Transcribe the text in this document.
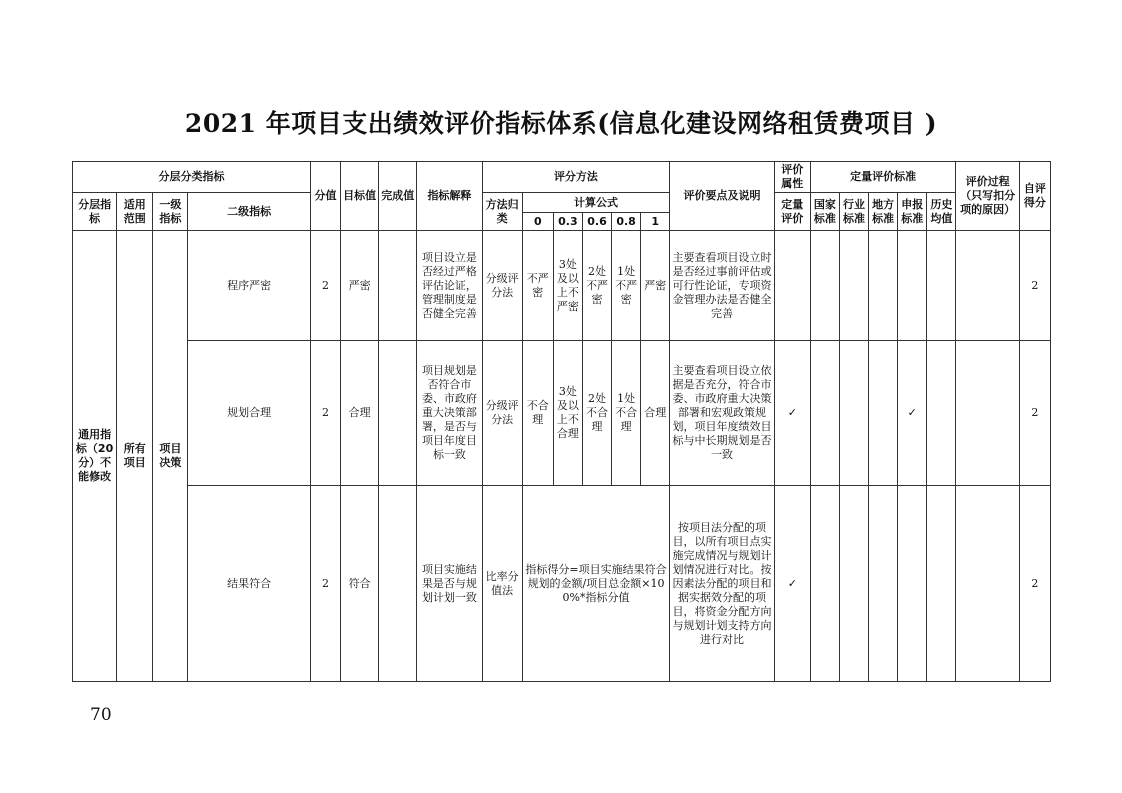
2021 年项目支出绩效评价指标体系(信息化建设网络租赁费项目 )
分层分类指标				分值	目标值	完成值	指标解释	评分方法						评价要点及说明	评价属性	定量评价标准					评价过程（只写扣分项的原因）	自评得分
分层指标	适用范围	一级指标	二级指标					方法归类	计算公式						定量评价	国家标准	行业标准	地方标准	申报标准	历史均值		
									0	0.3	0.6	0.8	1									
通用指标（20分）不能修改	所有项目	项目决策	程序严密	2	严密		项目设立是否经过严格评估论证，管理制度是否健全完善	分级评分法	不严密	3处及以上不严密	2处不严密	1处不严密	严密	主要查看项目设立时是否经过事前评估或可行性论证，专项资金管理办法是否健全完善								2
			规划合理	2	合理		项目规划是否符合市委、市政府重大决策部署，是否与项目年度目标一致	分级评分法	不合理	3处及以上不合理	2处不合理	1处不合理	合理	主要查看项目设立依据是否充分，符合市委、市政府重大决策部署和宏观政策规划，项目年度绩效目标与中长期规划是否一致	✓				✓			2
			结果符合	2	符合		项目实施结果是否与规划计划一致	比率分值法	指标得分=项目实施结果符合规划的金额/项目总金额×100%*指标分值					按项目法分配的项目，以所有项目点实施完成情况与规划计划情况进行对比。按因素法分配的项目和据实据效分配的项目，将资金分配方向与规划计划支持方向进行对比	✓							2
70
